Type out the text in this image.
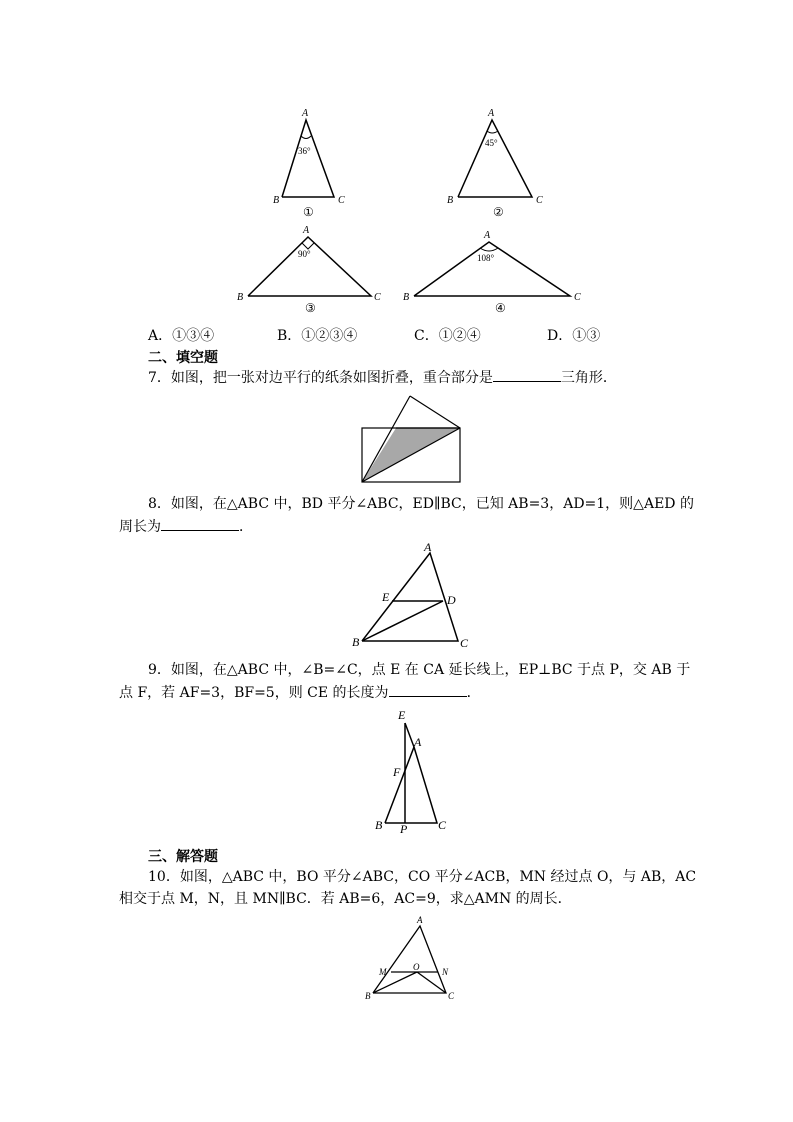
A
B	C
36°
①
A
B	C
45°
②
A
B	C
90°
③
A
B	C
108°
④
A．①③④	B．①②③④	C．①②④	D．①③
二、填空题
7．如图，把一张对边平行的纸条如图折叠，重合部分是	三角形．
8．如图，在△ABC 中，BD 平分∠ABC，ED∥BC，已知 AB=3，AD=1，则△AED 的
周长为	．
A
E	D
B	C
9．如图，在△ABC 中，∠B=∠C，点 E 在 CA 延长线上，EP⊥BC 于点 P，交 AB 于
点 F，若 AF=3，BF=5，则 CE 的长度为	．
E
A
F
B P	C
三、解答题
10．如图，△ABC 中，BO 平分∠ABC，CO 平分∠ACB，MN 经过点 O，与 AB，AC
相交于点 M，N，且 MN∥BC．若 AB=6，AC=9，求△AMN 的周长．
A
M	O	N
B	C
